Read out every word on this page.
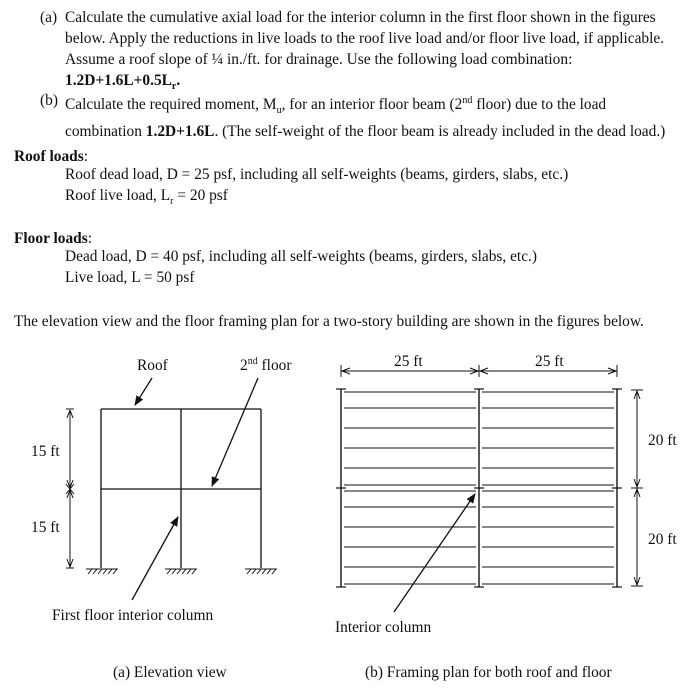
(a) Calculate the cumulative axial load for the interior column in the first floor shown in the figures
below. Apply the reductions in live loads to the roof live load and/or floor live load, if applicable.
Assume a roof slope of ¼ in./ft. for drainage. Use the following load combination:
$1.2D+1.6L+0.5L_r$.
(b) Calculate the required moment, $M_u$, for an interior floor beam (2nd floor) due to the load
combination 1.2D+1.6L. (The self-weight of the floor beam is already included in the dead load.)
Roof loads:
Roof dead load, D = 25 psf, including all self-weights (beams, girders, slabs, etc.)
Roof live load, $L_r = 20$ psf
Floor loads:
Dead load, D = 40 psf, including all self-weights (beams, girders, slabs, etc.)
Live load, L = 50 psf
The elevation view and the floor framing plan for a two-story building are shown in the figures below.
Roof	2nd floor
15 ft
15 ft
First floor interior column
25 ft	25 ft
20 ft
20 ft
Interior column
(a) Elevation view	(b) Framing plan for both roof and floor
